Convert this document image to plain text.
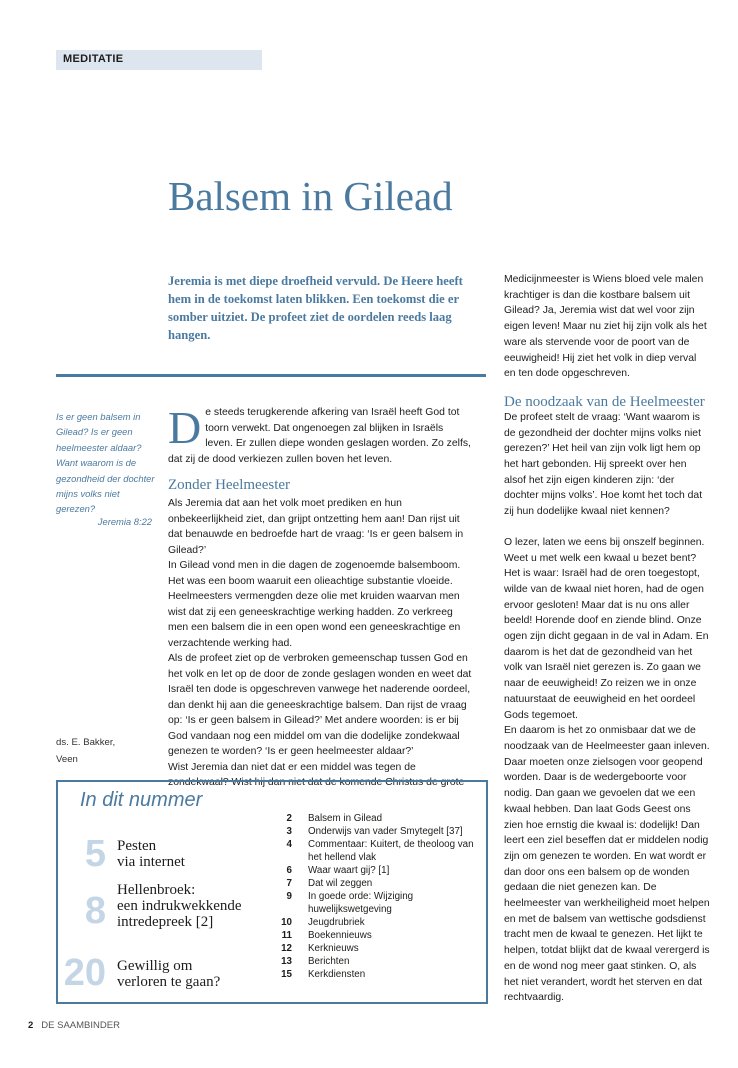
MEDITATIE
Balsem in Gilead
Jeremia is met diepe droefheid vervuld. De Heere heeft hem in de toekomst laten blikken. Een toekomst die er somber uitziet. De profeet ziet de oordelen reeds laag hangen.
Is er geen balsem in Gilead? Is er geen heelmeester aldaar? Want waarom is de gezondheid der dochter mijns volks niet gerezen?
Jeremia 8:22
ds. E. Bakker,
Veen

De steeds terugkerende afkering van Israël heeft God tot toorn verwekt. Dat ongenoegen zal blijken in Israëls leven. Er zullen diepe wonden geslagen worden. Zo zelfs, dat zij de dood verkiezen zullen boven het leven.

Zonder Heelmeester

Als Jeremia dat aan het volk moet prediken en hun onbekeerlijkheid ziet, dan grijpt ontzetting hem aan! Dan rijst uit dat benauwde en bedroefde hart de vraag: ‘Is er geen balsem in Gilead?’

In Gilead vond men in die dagen de zogenoemde balsemboom. Het was een boom waaruit een olieachtige substantie vloeide. Heelmeesters vermengden deze olie met kruiden waarvan men wist dat zij een geneeskrachtige werking hadden. Zo verkreeg men een balsem die in een open wond een geneeskrachtige en verzachtende werking had.

Als de profeet ziet op de verbroken gemeenschap tussen God en het volk en let op de door de zonde geslagen wonden en weet dat Israël ten dode is opgeschreven vanwege het naderende oordeel, dan denkt hij aan die geneeskrachtige balsem. Dan rijst de vraag op: ‘Is er geen balsem in Gilead?’ Met andere woorden: is er bij God vandaan nog een middel om van die dodelijke zondekwaal genezen te worden? ‘Is er geen heelmeester aldaar?’

Wist Jeremia dan niet dat er een middel was tegen de zondekwaal? Wist hij dan niet dat de komende Christus de grote

Medicijnmeester is Wiens bloed vele malen krachtiger is dan die kostbare balsem uit Gilead? Ja, Jeremia wist dat wel voor zijn eigen leven! Maar nu ziet hij zijn volk als het ware als stervende voor de poort van de eeuwigheid! Hij ziet het volk in diep verval en ten dode opgeschreven.

De noodzaak van de Heelmeester

De profeet stelt de vraag: ‘Want waarom is de gezondheid der dochter mijns volks niet gerezen?’ Het heil van zijn volk ligt hem op het hart gebonden. Hij spreekt over hen alsof het zijn eigen kinderen zijn: ‘der dochter mijns volks’. Hoe komt het toch dat zij hun dodelijke kwaal niet kennen?

O lezer, laten we eens bij onszelf beginnen. Weet u met welk een kwaal u bezet bent? Het is waar: Israël had de oren toegestopt, wilde van de kwaal niet horen, had de ogen ervoor gesloten! Maar dat is nu ons aller beeld! Horende doof en ziende blind. Onze ogen zijn dicht gegaan in de val in Adam. En daarom is het dat de gezondheid van het volk van Israël niet gerezen is. Zo gaan we naar de eeuwigheid! Zo reizen we in onze natuurstaat de eeuwigheid en het oordeel Gods tegemoet.

En daarom is het zo onmisbaar dat we de noodzaak van de Heelmeester gaan inleven. Daar moeten onze zielsogen voor geopend worden. Daar is de wedergeboorte voor nodig. Dan gaan we gevoelen dat we een kwaal hebben. Dan laat Gods Geest ons zien hoe ernstig die kwaal is: dodelijk! Dan leert een ziel beseffen dat er middelen nodig zijn om genezen te worden. En wat wordt er dan door ons een balsem op de wonden gedaan die niet genezen kan. De heelmeester van werkheiligheid moet helpen en met de balsem van wettische godsdienst tracht men de kwaal te genezen. Het lijkt te helpen, totdat blijkt dat de kwaal verergerd is en de wond nog meer gaat stinken. O, als het niet verandert, wordt het sterven en dat rechtvaardig.

In dit nummer
5 Pesten
via internet
8 Hellenbroek:
een indrukwekkende
intredepreek [2]
20 Gewillig om
verloren te gaan?
2 Balsem in Gilead
3 Onderwijs van vader Smytegelt [37]
4 Commentaar: Kuitert, de theoloog van het hellend vlak
6 Waar waart gij? [1]
7 Dat wil zeggen
9 In goede orde: Wijziging huwelijkswetgeving
10 Jeugdrubriek
11 Boekennieuws
12 Kerknieuws
13 Berichten
15 Kerkdiensten
2 DE SAAMBINDER
